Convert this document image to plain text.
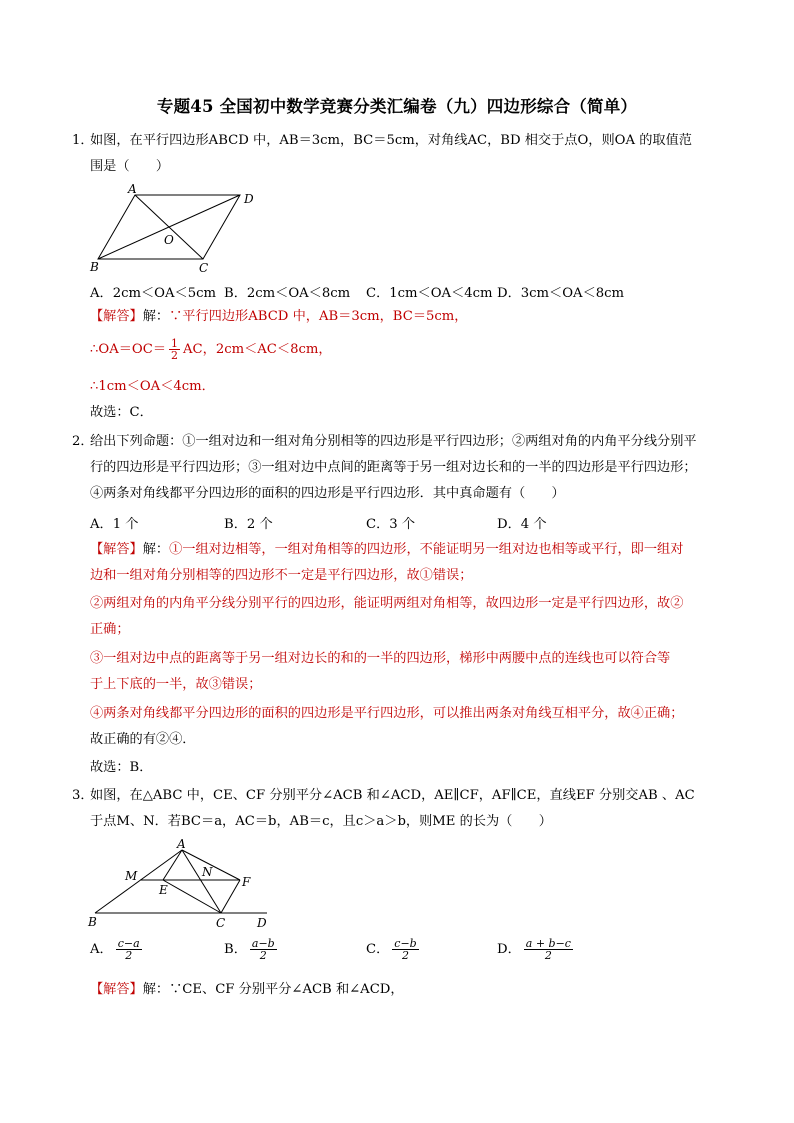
专题45 全国初中数学竞赛分类汇编卷（九）四边形综合（简单）
1．
如图，在平行四边形ABCD 中，AB＝3cm，BC＝5cm，对角线AC，BD 相交于点O，则OA 的取值范
围是（　　）
A
D
B	C
O
A．2cm＜OA＜5cm B．2cm＜OA＜8cm C．1cm＜OA＜4cm D．3cm＜OA＜8cm
【解答】解：∵平行四边形ABCD 中，AB＝3cm，BC＝5cm，
∴OA＝OC＝ $\frac{1}{2}$ AC，2cm＜AC＜8cm，
∴1cm＜OA＜4cm．
故选：C．
2．
给出下列命题：①一组对边和一组对角分别相等的四边形是平行四边形；②两组对角的内角平分线分别平
行的四边形是平行四边形；③一组对边中点间的距离等于另一组对边长和的一半的四边形是平行四边形；
④两条对角线都平分四边形的面积的四边形是平行四边形．其中真命题有（　　）
A．1 个	B．2 个	C．3 个	D．4 个
【解答】解：①一组对边相等，一组对角相等的四边形，不能证明另一组对边也相等或平行，即一组对
边和一组对角分别相等的四边形不一定是平行四边形，故①错误；
②两组对角的内角平分线分别平行的四边形，能证明两组对角相等，故四边形一定是平行四边形，故②
正确；
③一组对边中点的距离等于另一组对边长的和的一半的四边形，梯形中两腰中点的连线也可以符合等
于上下底的一半，故③错误；
④两条对角线都平分四边形的面积的四边形是平行四边形，可以推出两条对角线互相平分，故④正确；
故正确的有②④．
故选：B．
3．
如图，在△ABC 中，CE、CF 分别平分∠ACB 和∠ACD，AE∥CF，AF∥CE，直线EF 分别交AB 、AC
于点M、N．若BC＝a，AC＝b，AB＝c，且c＞a＞b，则ME 的长为（　　）
A
M	N
F
E
B	C	D
A． $\frac{c-a}{2}$	B． $\frac{a-b}{2}$	C． $\frac{c-b}{2}$	D． $\frac{a + b-c}{2}$
【解答】解：∵CE、CF 分别平分∠ACB 和∠ACD，
